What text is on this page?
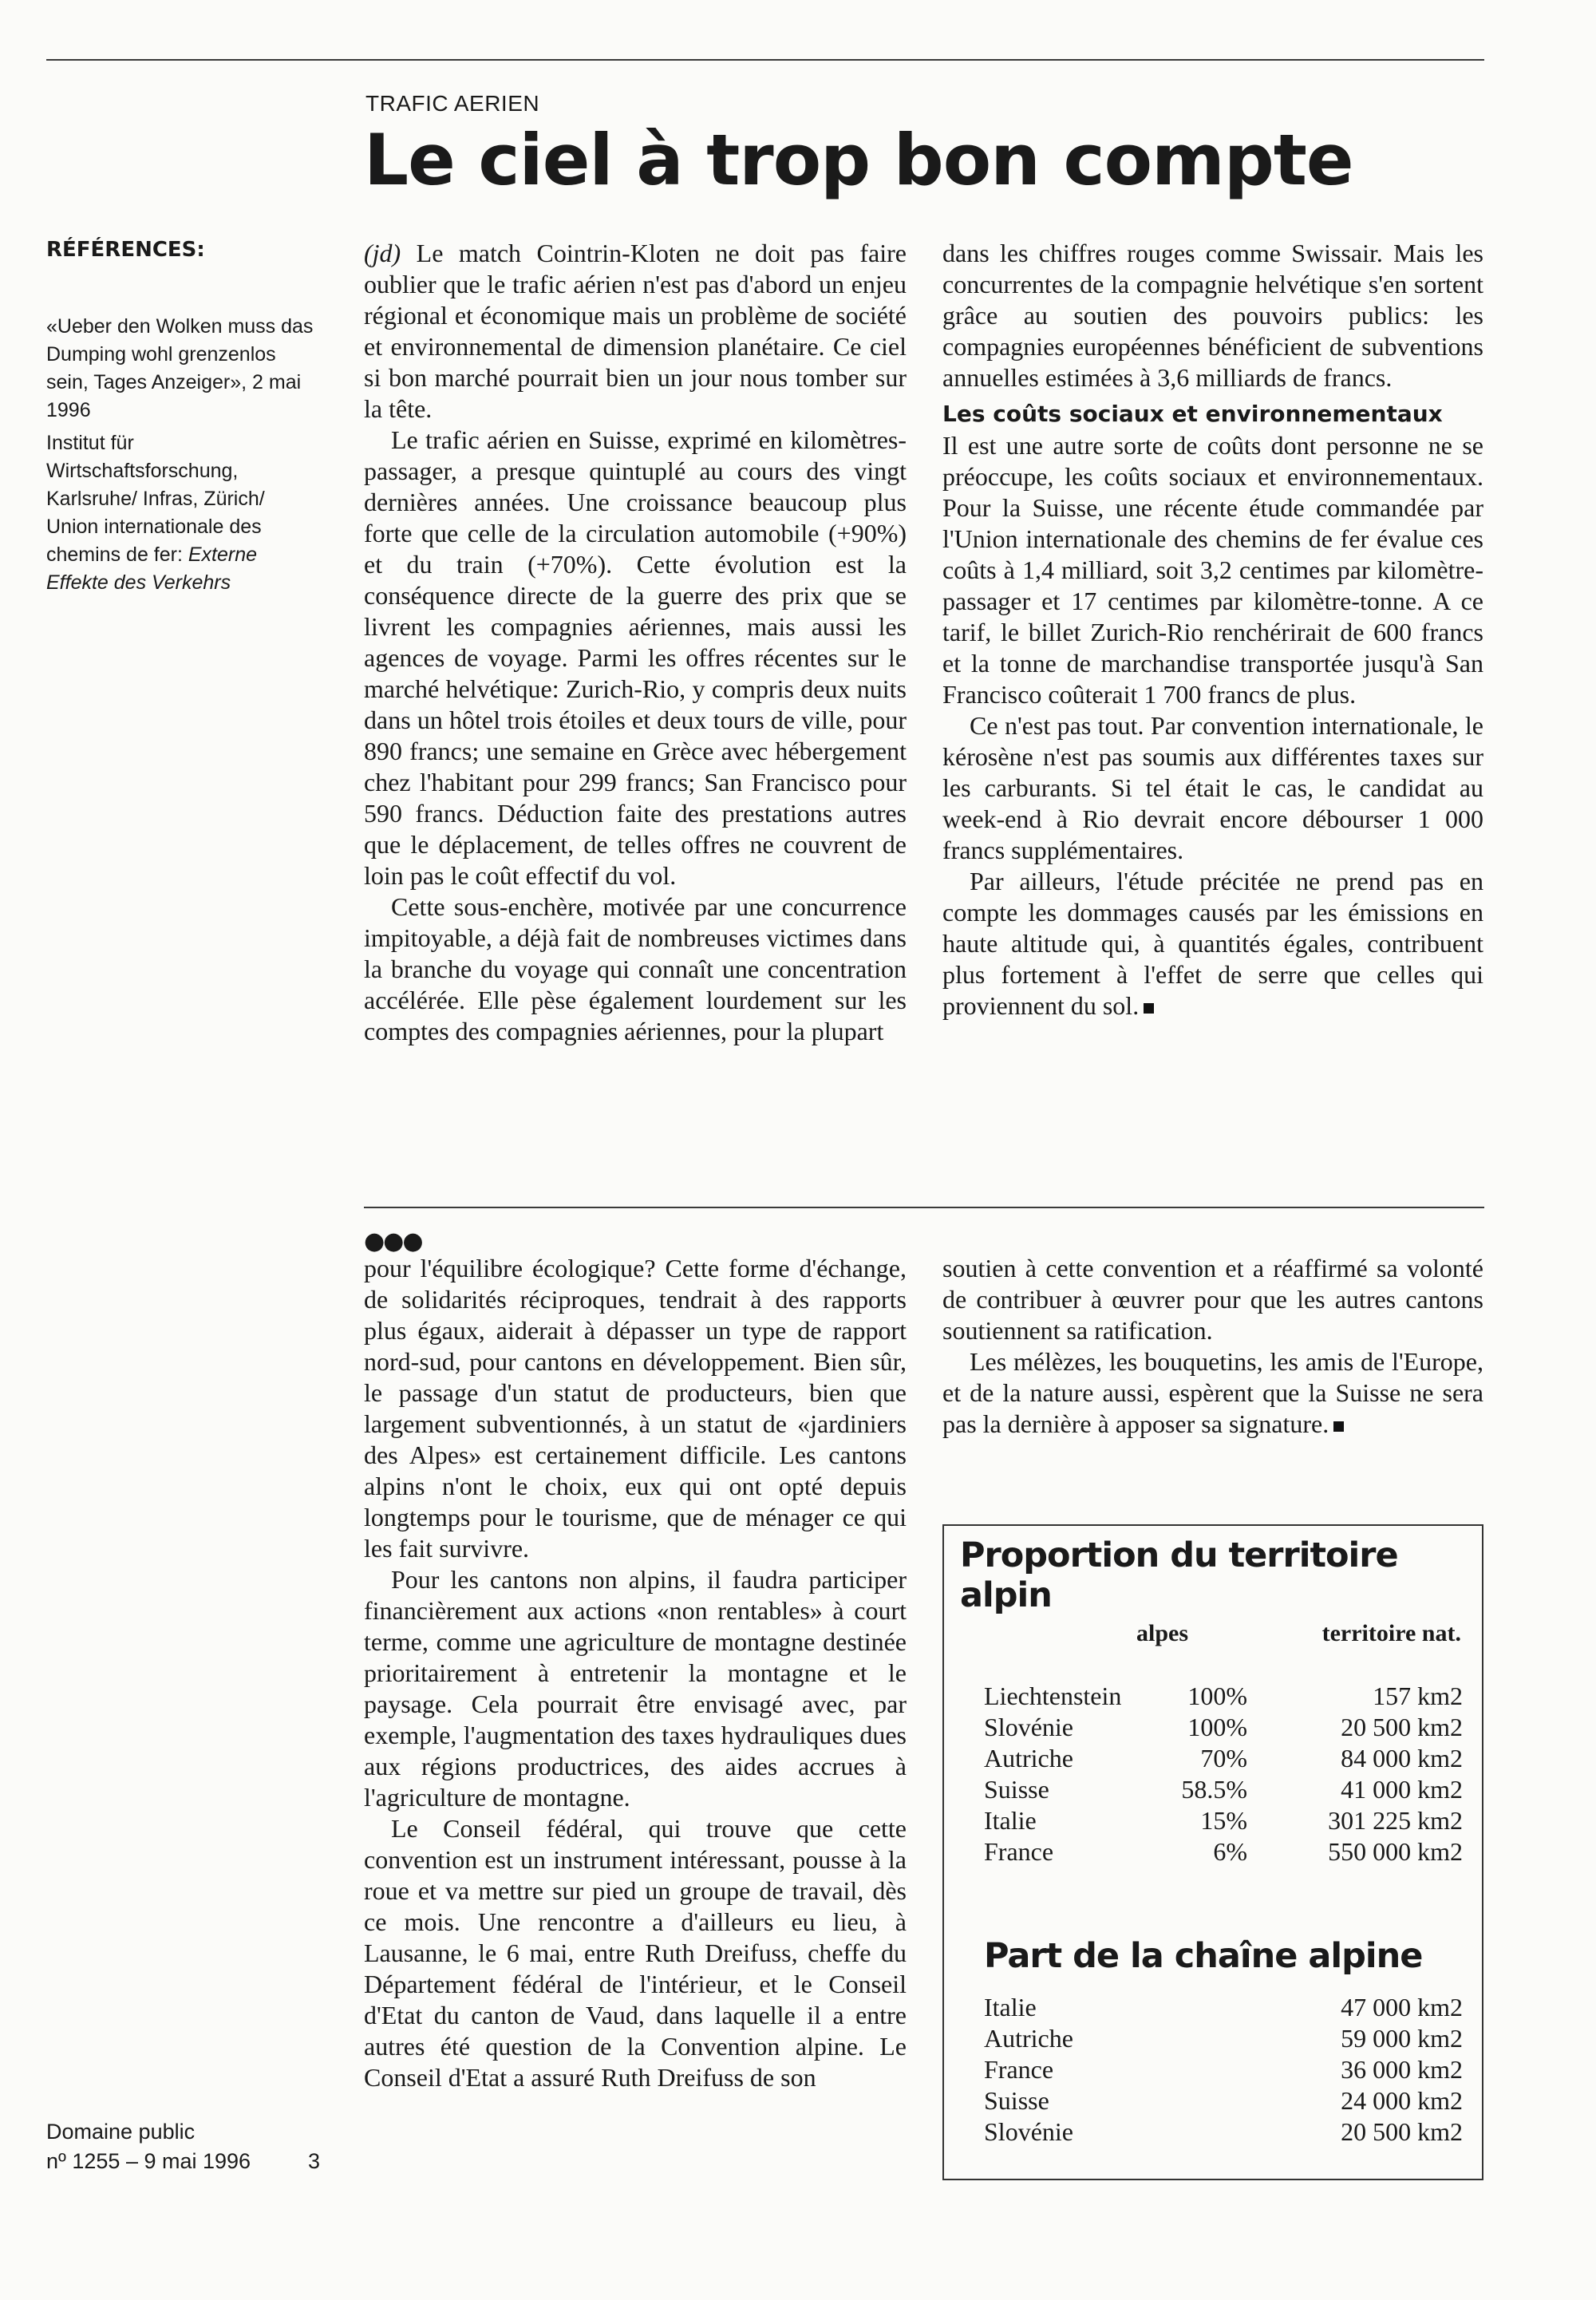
TRAFIC AERIEN
Le ciel à trop bon compte
RÉFÉRENCES:
«Ueber den Wolken muss das Dumping wohl grenzenlos sein, Tages Anzeiger», 2 mai 1996
Institut für Wirtschaftsforschung, Karlsruhe/ Infras, Zürich/ Union internationale des chemins de fer: Externe Effekte des Verkehrs

(jd) Le match Cointrin-Kloten ne doit pas faire oublier que le trafic aérien n'est pas d'abord un enjeu régional et économique mais un problème de société et environnemental de dimension planétaire. Ce ciel si bon marché pourrait bien un jour nous tomber sur la tête.

Le trafic aérien en Suisse, exprimé en kilomètres-passager, a presque quintuplé au cours des vingt dernières années. Une croissance beaucoup plus forte que celle de la circulation automobile (+90%) et du train (+70%). Cette évolution est la conséquence directe de la guerre des prix que se livrent les compagnies aériennes, mais aussi les agences de voyage. Parmi les offres récentes sur le marché helvétique: Zurich-Rio, y compris deux nuits dans un hôtel trois étoiles et deux tours de ville, pour 890 francs; une semaine en Grèce avec hébergement chez l'habitant pour 299 francs; San Francisco pour 590 francs. Déduction faite des prestations autres que le déplacement, de telles offres ne couvrent de loin pas le coût effectif du vol.

Cette sous-enchère, motivée par une concurrence impitoyable, a déjà fait de nombreuses victimes dans la branche du voyage qui connaît une concentration accélérée. Elle pèse également lourdement sur les comptes des compagnies aériennes, pour la plupart

dans les chiffres rouges comme Swissair. Mais les concurrentes de la compagnie helvétique s'en sortent grâce au soutien des pouvoirs publics: les compagnies européennes bénéficient de subventions annuelles estimées à 3,6 milliards de francs.

Les coûts sociaux et environnementaux

Il est une autre sorte de coûts dont personne ne se préoccupe, les coûts sociaux et environnementaux. Pour la Suisse, une récente étude commandée par l'Union internationale des chemins de fer évalue ces coûts à 1,4 milliard, soit 3,2 centimes par kilomètre-passager et 17 centimes par kilomètre-tonne. A ce tarif, le billet Zurich-Rio renchérirait de 600 francs et la tonne de marchandise transportée jusqu'à San Francisco coûterait 1 700 francs de plus.

Ce n'est pas tout. Par convention internationale, le kérosène n'est pas soumis aux différentes taxes sur les carburants. Si tel était le cas, le candidat au week-end à Rio devrait encore débourser 1 000 francs supplémentaires.

Par ailleurs, l'étude précitée ne prend pas en compte les dommages causés par les émissions en haute altitude qui, à quantités égales, contribuent plus fortement à l'effet de serre que celles qui proviennent du sol.

●●●

pour l'équilibre écologique? Cette forme d'échange, de solidarités réciproques, tendrait à des rapports plus égaux, aiderait à dépasser un type de rapport nord-sud, pour cantons en développement. Bien sûr, le passage d'un statut de producteurs, bien que largement subventionnés, à un statut de «jardiniers des Alpes» est certainement difficile. Les cantons alpins n'ont le choix, eux qui ont opté depuis longtemps pour le tourisme, que de ménager ce qui les fait survivre.

Pour les cantons non alpins, il faudra participer financièrement aux actions «non rentables» à court terme, comme une agriculture de montagne destinée prioritairement à entretenir la montagne et le paysage. Cela pourrait être envisagé avec, par exemple, l'augmentation des taxes hydrauliques dues aux régions productrices, des aides accrues à l'agriculture de montagne.

Le Conseil fédéral, qui trouve que cette convention est un instrument intéressant, pousse à la roue et va mettre sur pied un groupe de travail, dès ce mois. Une rencontre a d'ailleurs eu lieu, à Lausanne, le 6 mai, entre Ruth Dreifuss, cheffe du Département fédéral de l'intérieur, et le Conseil d'Etat du canton de Vaud, dans laquelle il a entre autres été question de la Convention alpine. Le Conseil d'Etat a assuré Ruth Dreifuss de son

soutien à cette convention et a réaffirmé sa volonté de contribuer à œuvrer pour que les autres cantons soutiennent sa ratification.

Les mélèzes, les bouquetins, les amis de l'Europe, et de la nature aussi, espèrent que la Suisse ne sera pas la dernière à apposer sa signature.

Proportion du territoire alpin
alpes	territoire nat.
Liechtenstein	100%	157 km2
Slovénie	100%	20 500 km2
Autriche	70%	84 000 km2
Suisse	58.5%	41 000 km2
Italie	15%	301 225 km2
France	6%	550 000 km2
Part de la chaîne alpine
Italie	47 000 km2
Autriche	59 000 km2
France	36 000 km2
Suisse	24 000 km2
Slovénie	20 500 km2
Domaine public
nº 1255 – 9 mai 1996	3
